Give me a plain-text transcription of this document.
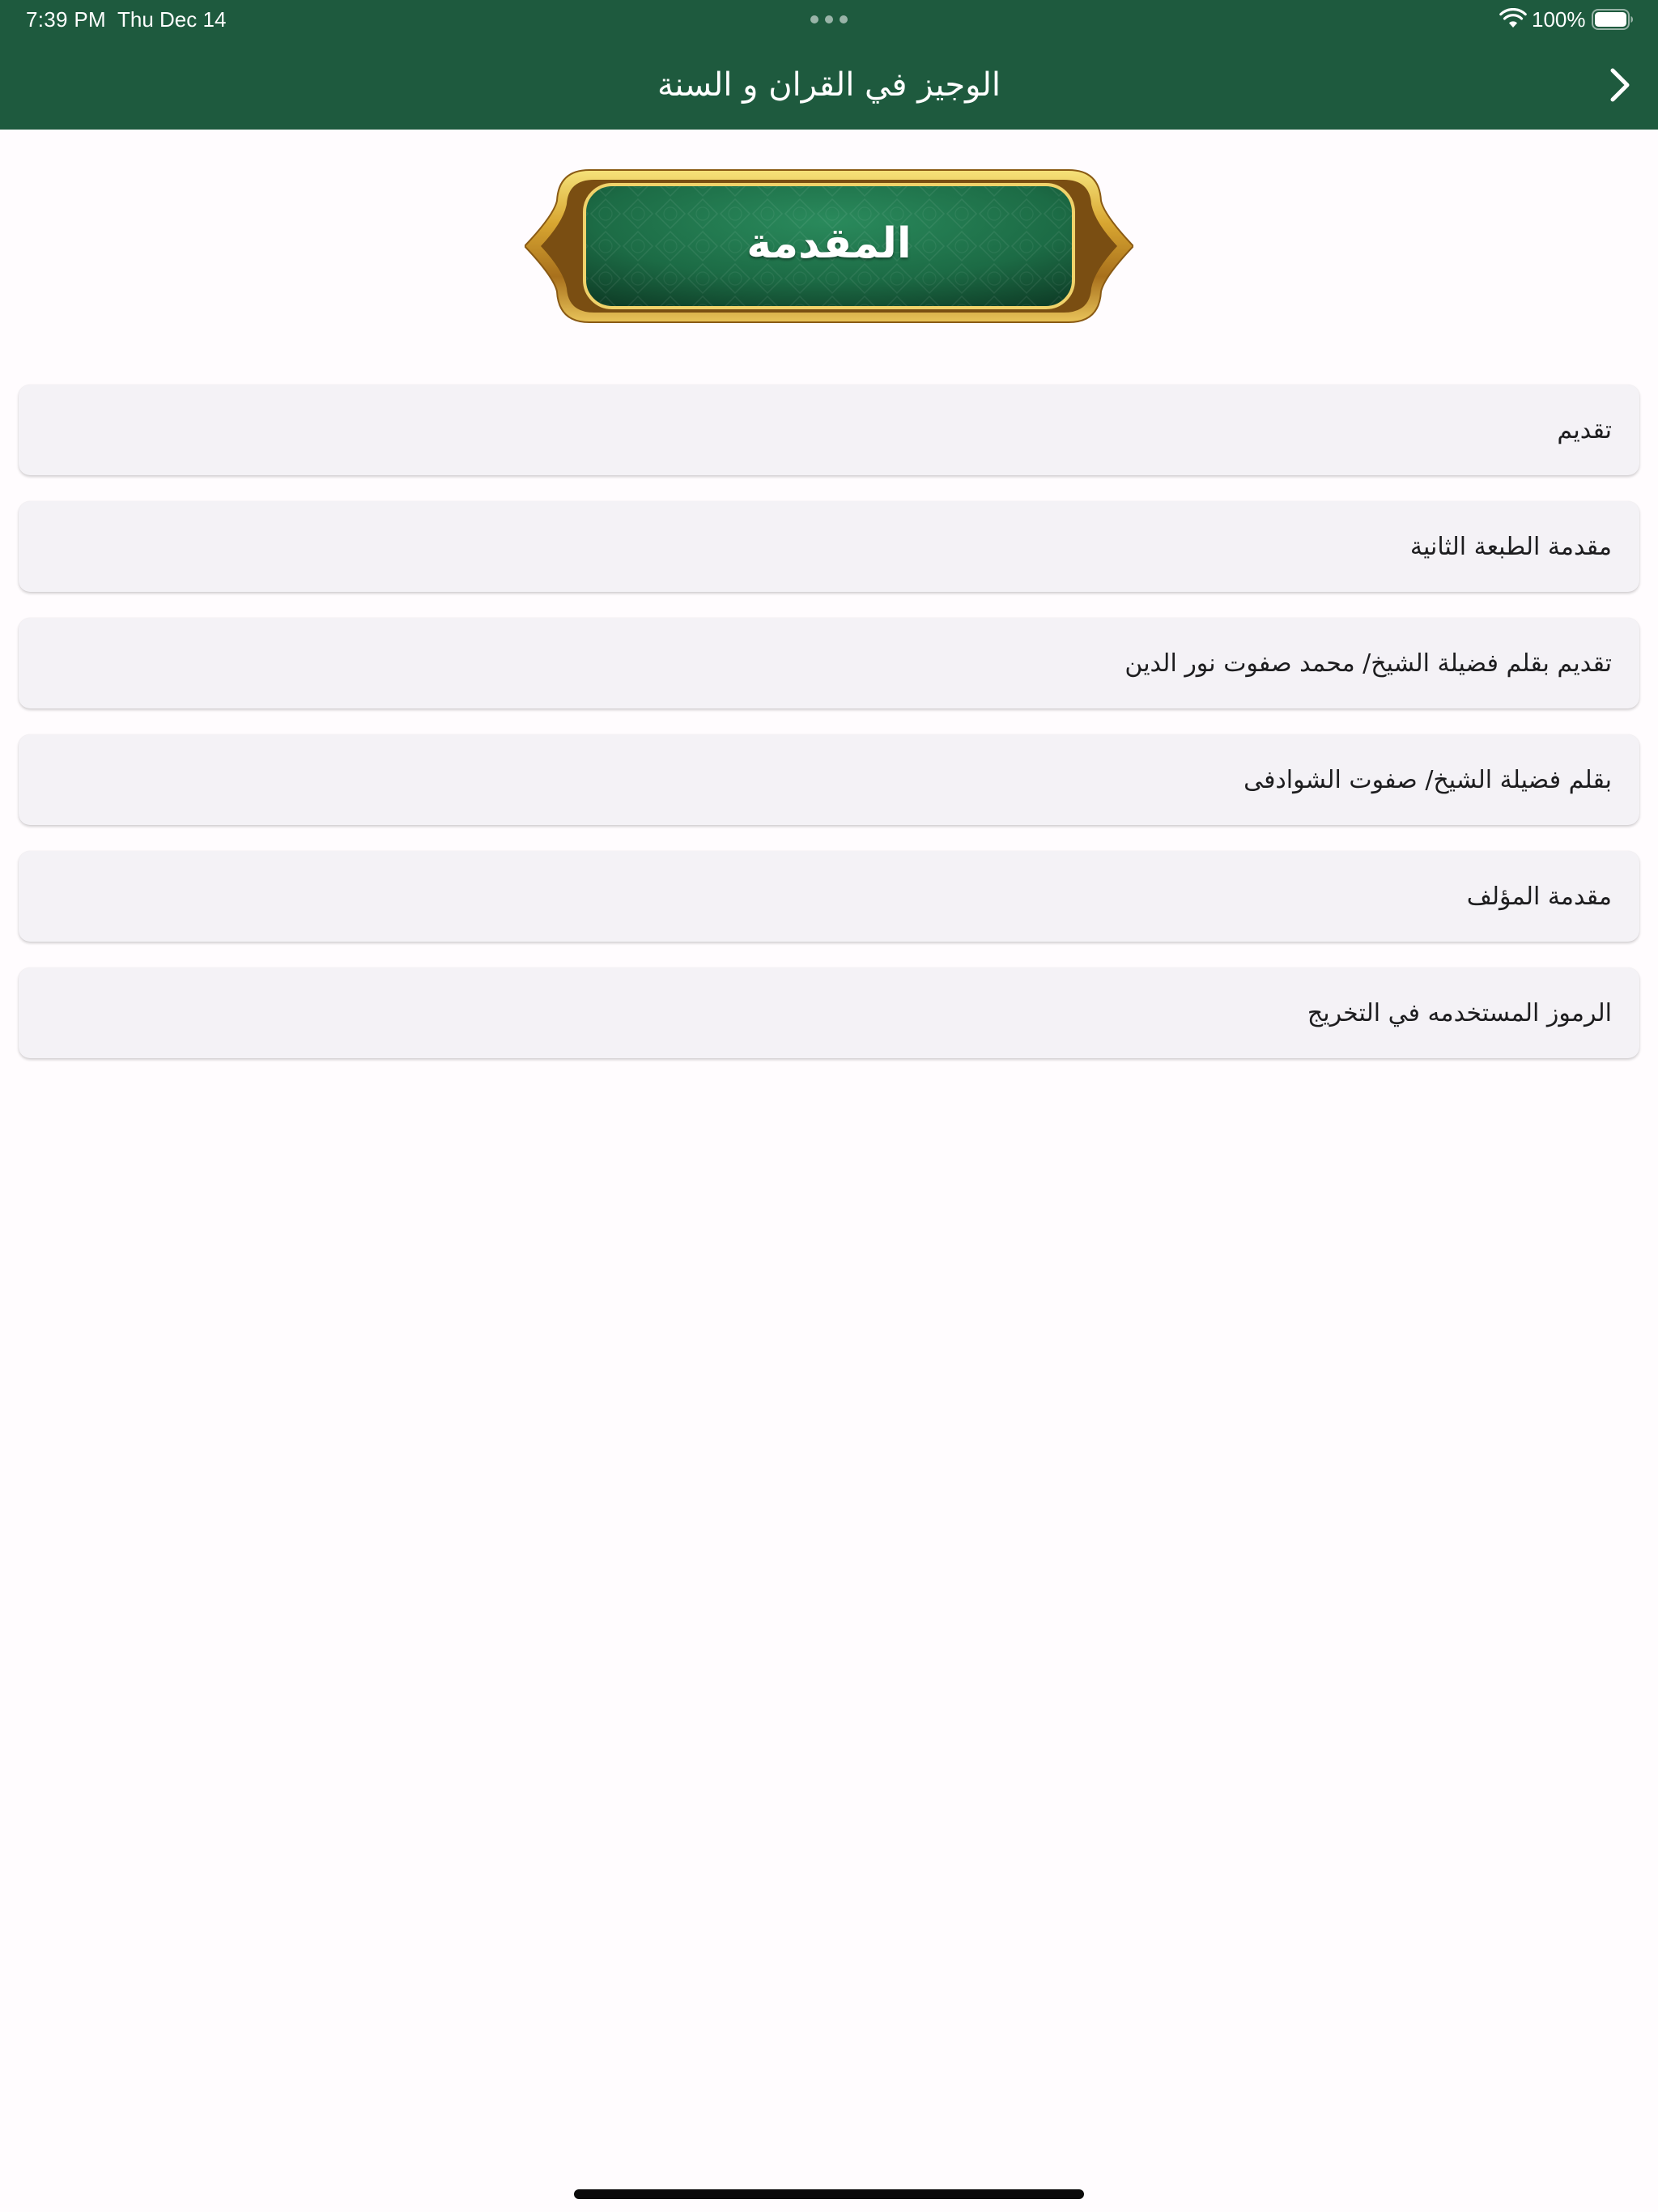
7:39 PM Thu Dec 14	100%
الوجيز في القران و السنة
المقدمة
تقديم
مقدمة الطبعة الثانية
تقديم بقلم فضيلة الشيخ/ محمد صفوت نور الدين
بقلم فضيلة الشيخ/ صفوت الشوادفى
مقدمة المؤلف
الرموز المستخدمه في التخريج
